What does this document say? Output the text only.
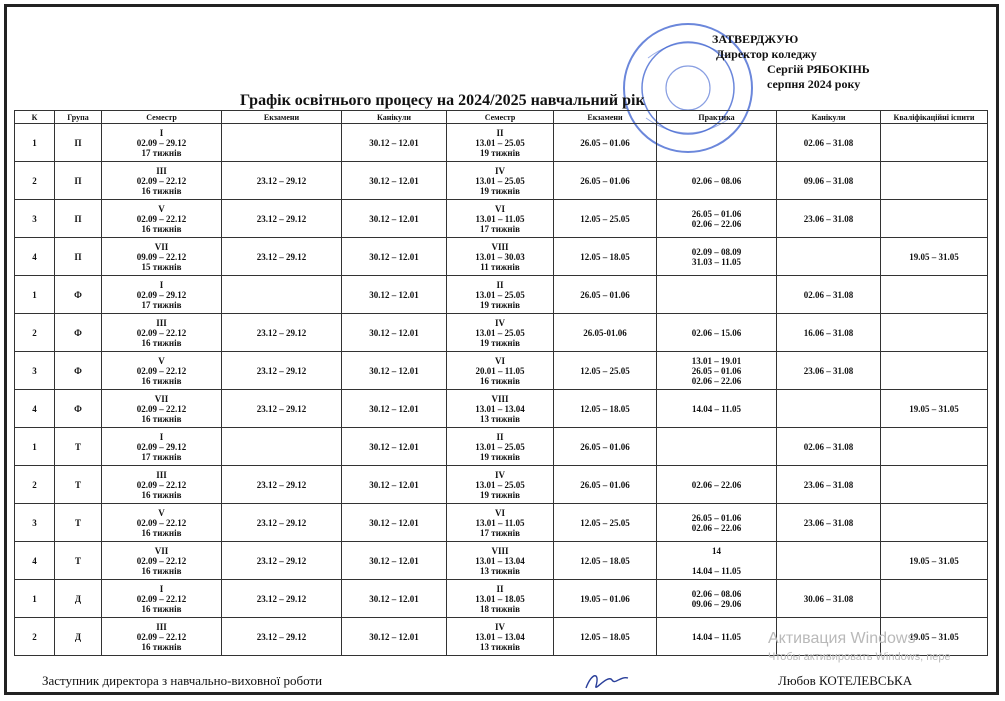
ЗАТВЕРДЖУЮ
Директор коледжу
Сергій РЯБОКІНЬ
серпня 2024 року
Графік освітнього процесу на 2024/2025 навчальний рік
К	Група	Семестр	Екзамени	Канікули	Семестр	Екзамени	Практика	Канікули	Кваліфікаційні іспити
1	П	I
02.09 – 29.12
17 тижнів		30.12 – 12.01	II
13.01 – 25.05
19 тижнів	26.05 – 01.06		02.06 – 31.08	
2	П	III
02.09 – 22.12
16 тижнів	23.12 – 29.12	30.12 – 12.01	IV
13.01 – 25.05
19 тижнів	26.05 – 01.06	02.06 – 08.06	09.06 – 31.08	
3	П	V
02.09 – 22.12
16 тижнів	23.12 – 29.12	30.12 – 12.01	VI
13.01 – 11.05
17 тижнів	12.05 – 25.05	26.05 – 01.06
02.06 – 22.06	23.06 – 31.08	
4	П	VII
09.09 – 22.12
15 тижнів	23.12 – 29.12	30.12 – 12.01	VIII
13.01 – 30.03
11 тижнів	12.05 – 18.05	02.09 – 08.09
31.03 – 11.05		19.05 – 31.05
1	Ф	I
02.09 – 29.12
17 тижнів		30.12 – 12.01	II
13.01 – 25.05
19 тижнів	26.05 – 01.06		02.06 – 31.08	
2	Ф	III
02.09 – 22.12
16 тижнів	23.12 – 29.12	30.12 – 12.01	IV
13.01 – 25.05
19 тижнів	26.05-01.06	02.06 – 15.06	16.06 – 31.08	
3	Ф	V
02.09 – 22.12
16 тижнів	23.12 – 29.12	30.12 – 12.01	VI
20.01 – 11.05
16 тижнів	12.05 – 25.05	13.01 – 19.01
26.05 – 01.06
02.06 – 22.06	23.06 – 31.08	
4	Ф	VII
02.09 – 22.12
16 тижнів	23.12 – 29.12	30.12 – 12.01	VIII
13.01 – 13.04
13 тижнів	12.05 – 18.05	14.04 – 11.05		19.05 – 31.05
1	Т	I
02.09 – 29.12
17 тижнів		30.12 – 12.01	II
13.01 – 25.05
19 тижнів	26.05 – 01.06		02.06 – 31.08	
2	Т	III
02.09 – 22.12
16 тижнів	23.12 – 29.12	30.12 – 12.01	IV
13.01 – 25.05
19 тижнів	26.05 – 01.06	02.06 – 22.06	23.06 – 31.08	
3	Т	V
02.09 – 22.12
16 тижнів	23.12 – 29.12	30.12 – 12.01	VI
13.01 – 11.05
17 тижнів	12.05 – 25.05	26.05 – 01.06
02.06 – 22.06	23.06 – 31.08	
4	Т	VII
02.09 – 22.12
16 тижнів	23.12 – 29.12	30.12 – 12.01	VIII
13.01 – 13.04
13 тижнів	12.05 – 18.05	14

14.04 – 11.05		19.05 – 31.05
1	Д	I
02.09 – 22.12
16 тижнів	23.12 – 29.12	30.12 – 12.01	II
13.01 – 18.05
18 тижнів	19.05 – 01.06	02.06 – 08.06
09.06 – 29.06	30.06 – 31.08	
2	Д	III
02.09 – 22.12
16 тижнів	23.12 – 29.12	30.12 – 12.01	IV
13.01 – 13.04
13 тижнів	12.05 – 18.05	14.04 – 11.05		19.05 – 31.05
Активация Windows
Чтобы активировать Windows, пере
Заступник директора з навчально-виховної роботи	Любов КОТЕЛЕВСЬКА
